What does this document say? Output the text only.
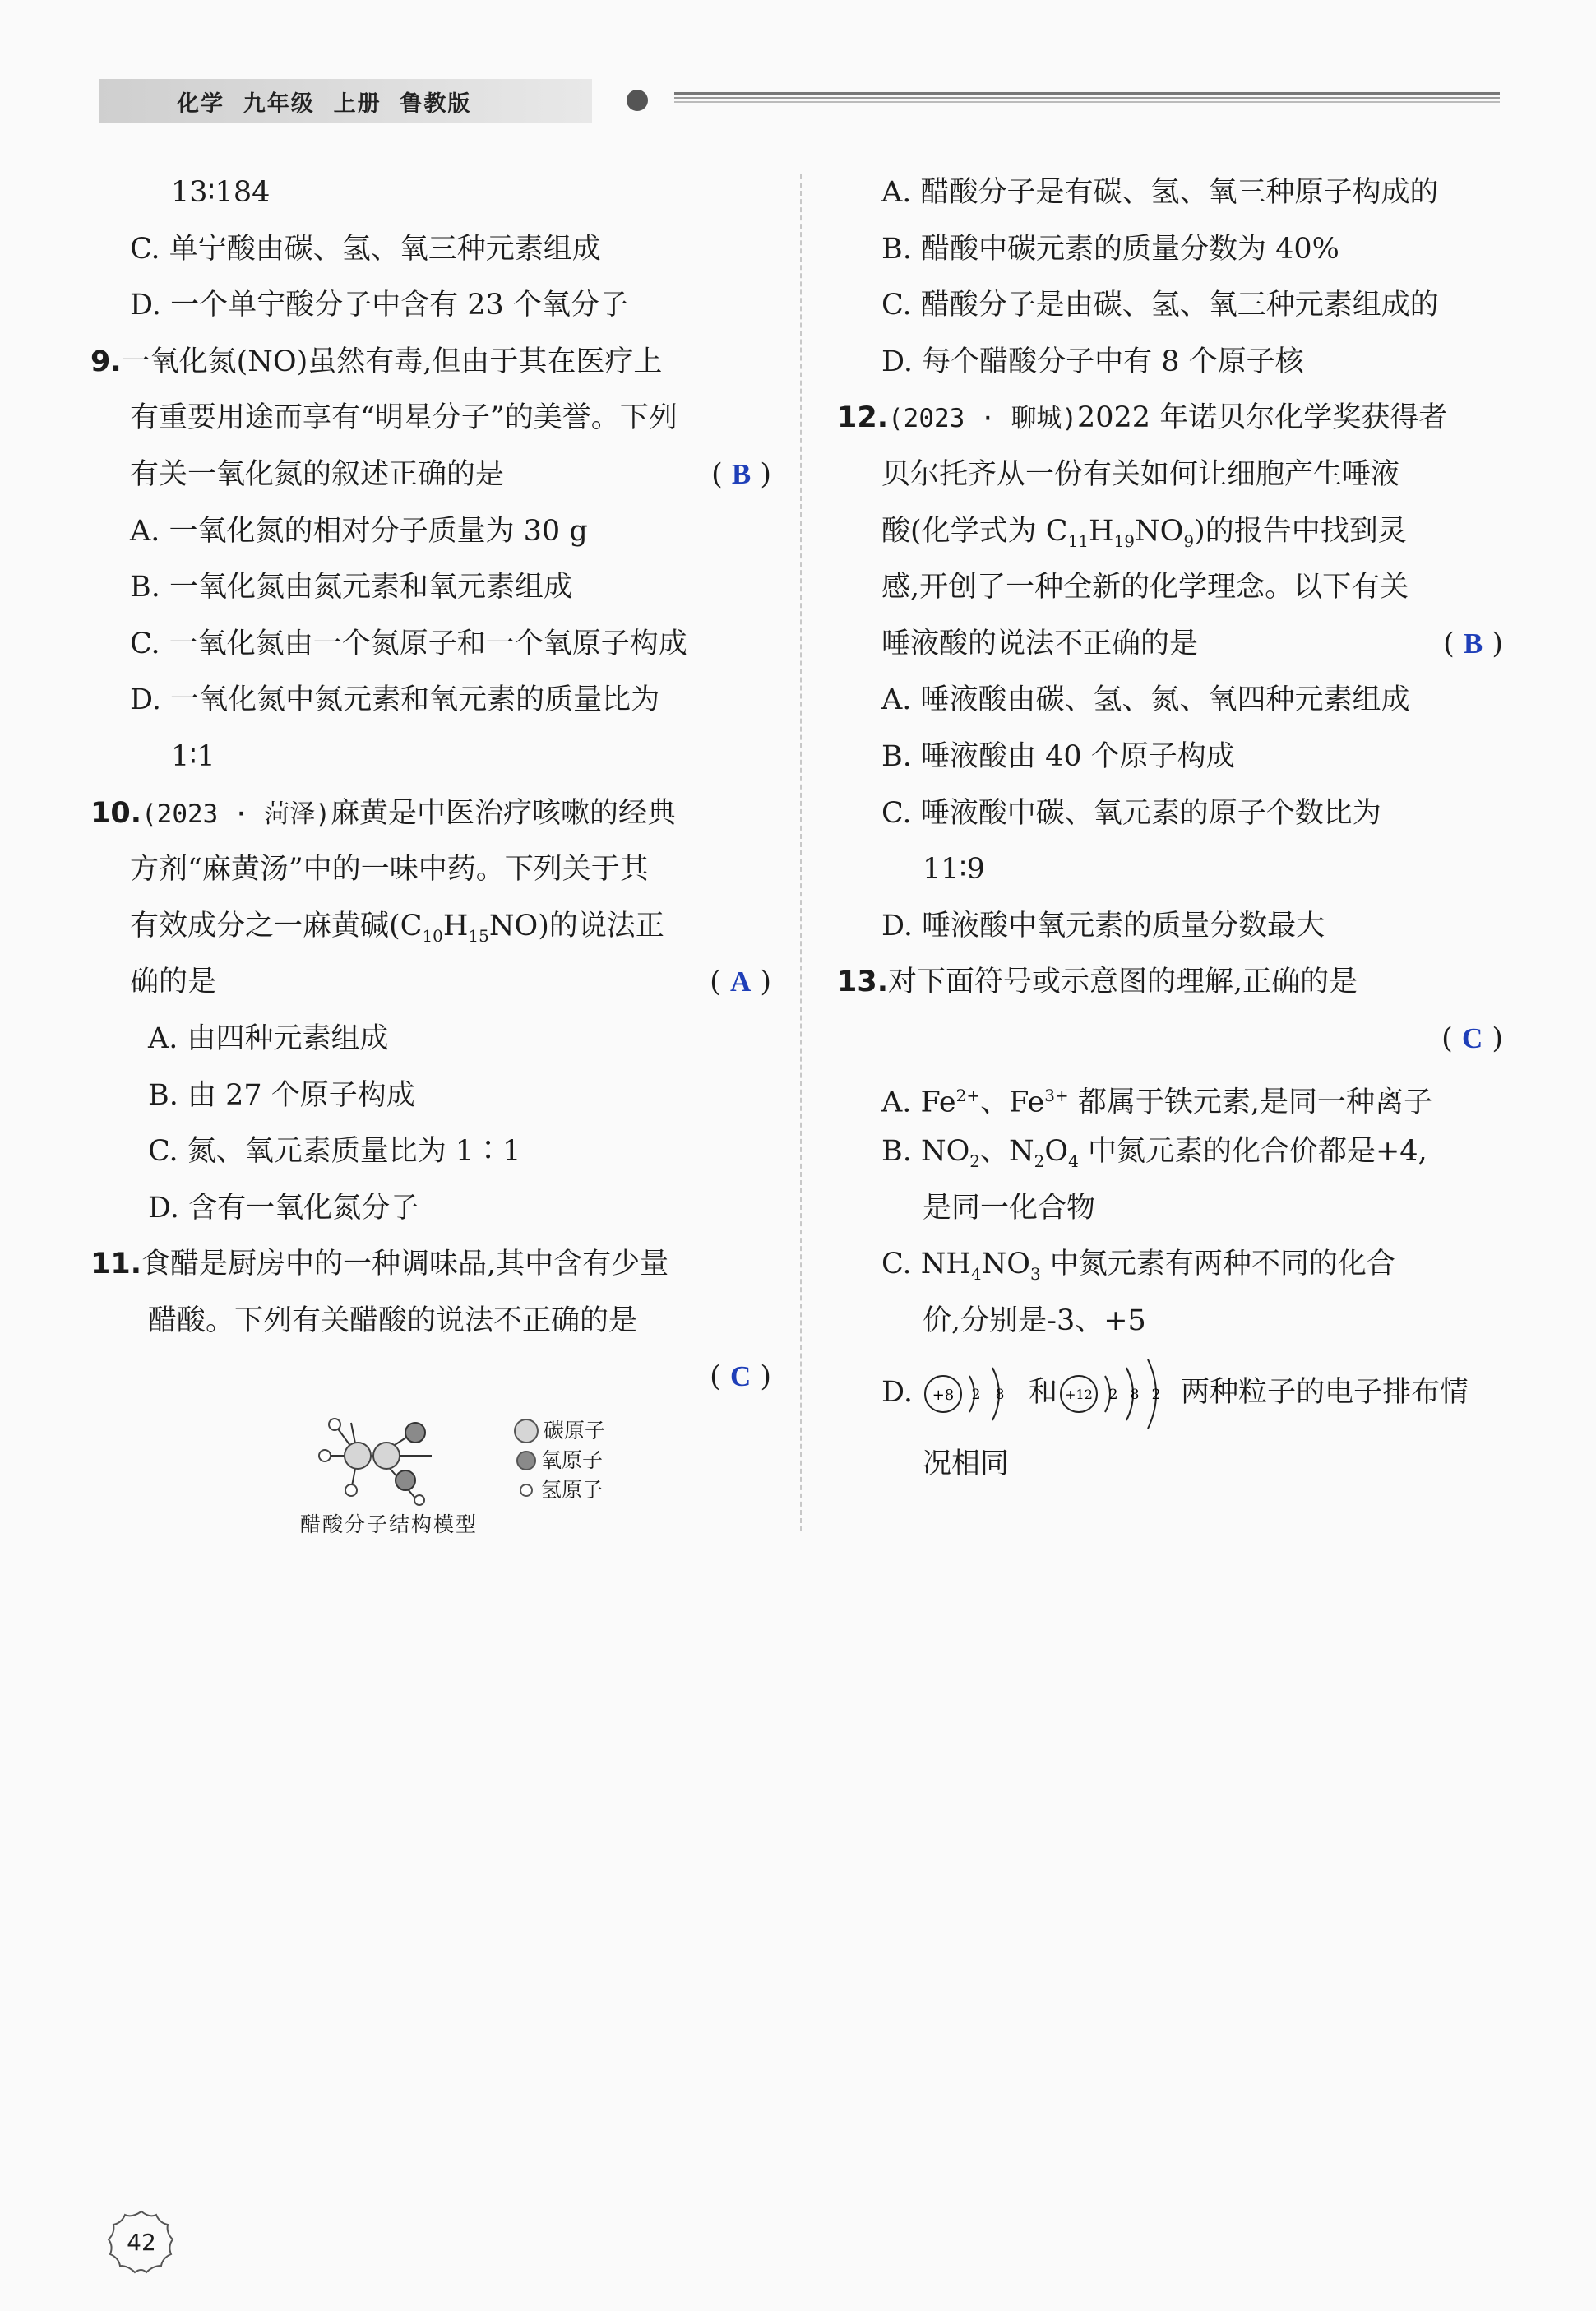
化学  九年级  上册  鲁教版
13∶184
C. 单宁酸由碳、氢、氧三种元素组成
D. 一个单宁酸分子中含有 23 个氧分子
9.一氧化氮(NO)虽然有毒,但由于其在医疗上
有重要用途而享有“明星分子”的美誉。下列
有关一氧化氮的叙述正确的是	( B )
A. 一氧化氮的相对分子质量为 30 g
B. 一氧化氮由氮元素和氧元素组成
C. 一氧化氮由一个氮原子和一个氧原子构成
D. 一氧化氮中氮元素和氧元素的质量比为
1∶1
10.(2023 · 菏泽)麻黄是中医治疗咳嗽的经典
方剂“麻黄汤”中的一味中药。下列关于其
有效成分之一麻黄碱$(C_{10}H_{15}NO)$的说法正
确的是	( A )
A. 由四种元素组成
B. 由 27 个原子构成
C. 氮、氧元素质量比为 1∶1
D. 含有一氧化氮分子
11.食醋是厨房中的一种调味品,其中含有少量
醋酸。下列有关醋酸的说法不正确的是
( C )
碳原子
氧原子
氢原子
醋酸分子结构模型
A. 醋酸分子是有碳、氢、氧三种原子构成的
B. 醋酸中碳元素的质量分数为 40%
C. 醋酸分子是由碳、氢、氧三种元素组成的
D. 每个醋酸分子中有 8 个原子核
12.(2023 · 聊城)2022 年诺贝尔化学奖获得者
贝尔托齐从一份有关如何让细胞产生唾液
酸(化学式为 $C_{11}H_{19}NO_9$)的报告中找到灵
感,开创了一种全新的化学理念。以下有关
唾液酸的说法不正确的是	( B )
A. 唾液酸由碳、氢、氮、氧四种元素组成
B. 唾液酸由 40 个原子构成
C. 唾液酸中碳、氧元素的原子个数比为
11∶9
D. 唾液酸中氧元素的质量分数最大
13.对下面符号或示意图的理解,正确的是
( C )
A. $Fe^{2+}$、$Fe^{3+}$ 都属于铁元素,是同一种离子
B. $NO_2$、$N_2O_4$ 中氮元素的化合价都是+4,
是同一化合物
C. $NH_4NO_3$ 中氮元素有两种不同的化合
价,分别是-3、+5
D. +8 2 8 和 +12 2 8 2 两种粒子的电子排布情
况相同
42
